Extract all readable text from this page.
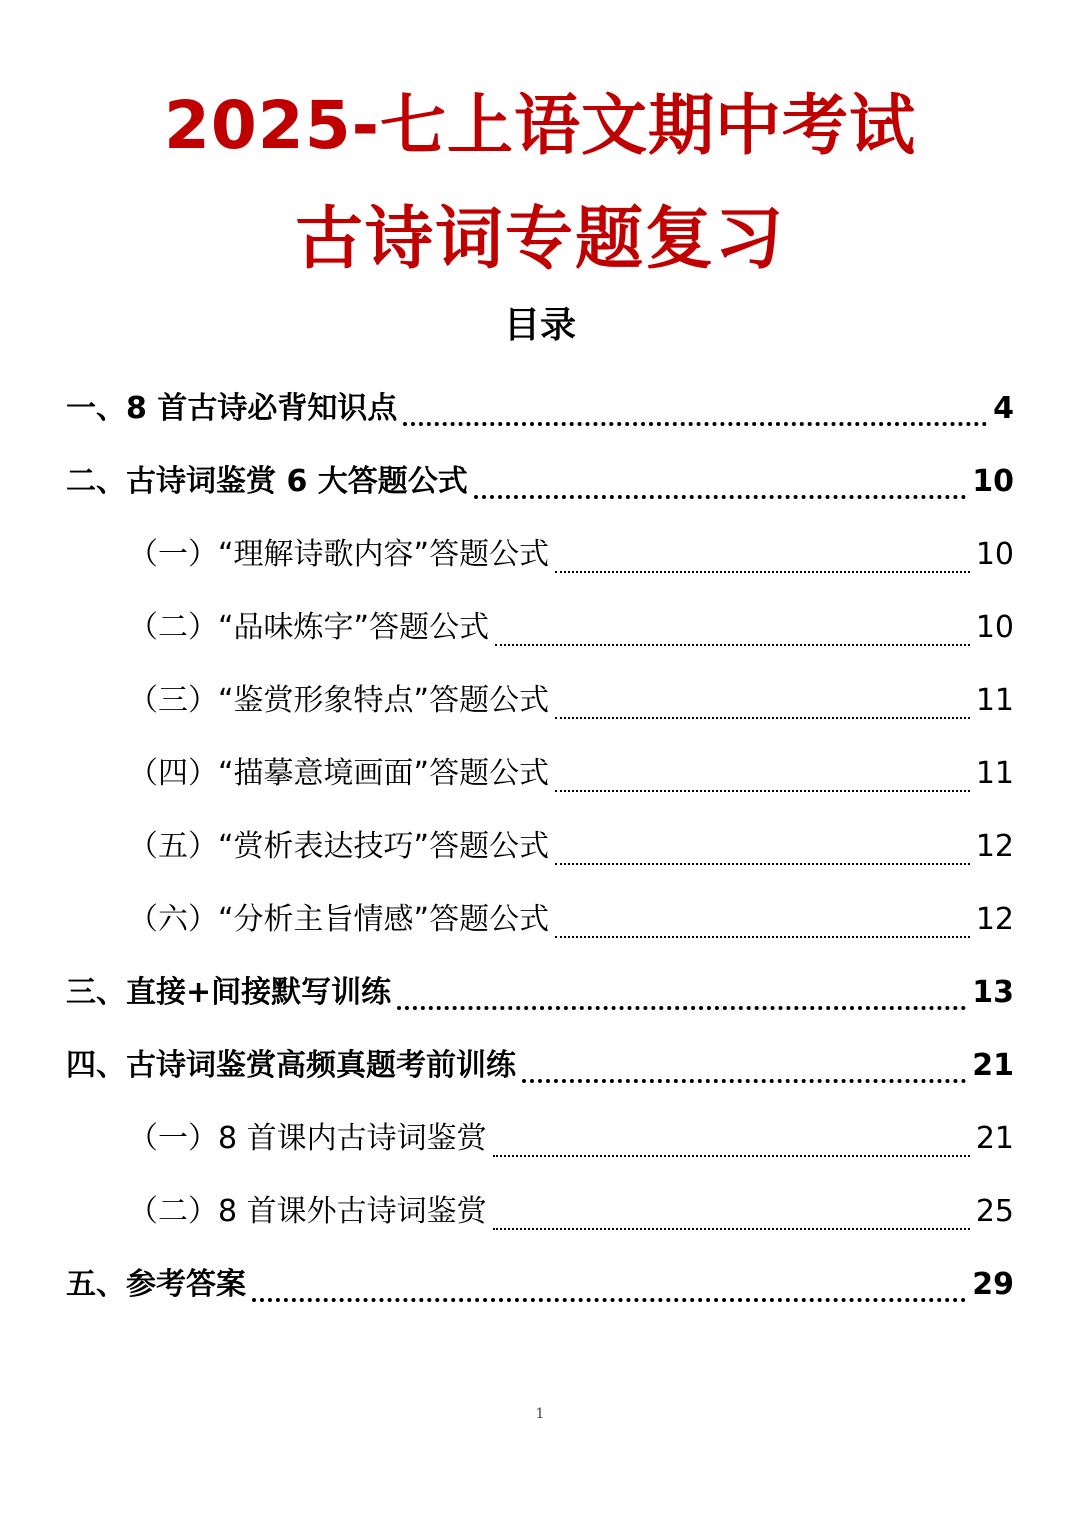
2025-七上语文期中考试
古诗词专题复习
目录
一、8 首古诗必背知识点	4
二、古诗词鉴赏 6 大答题公式	10
（一）“理解诗歌内容”答题公式	10
（二）“品味炼字”答题公式	10
（三）“鉴赏形象特点”答题公式	11
（四）“描摹意境画面”答题公式	11
（五）“赏析表达技巧”答题公式	12
（六）“分析主旨情感”答题公式	12
三、直接+间接默写训练	13
四、古诗词鉴赏高频真题考前训练	21
（一）8 首课内古诗词鉴赏	21
（二）8 首课外古诗词鉴赏	25
五、参考答案	29
1
